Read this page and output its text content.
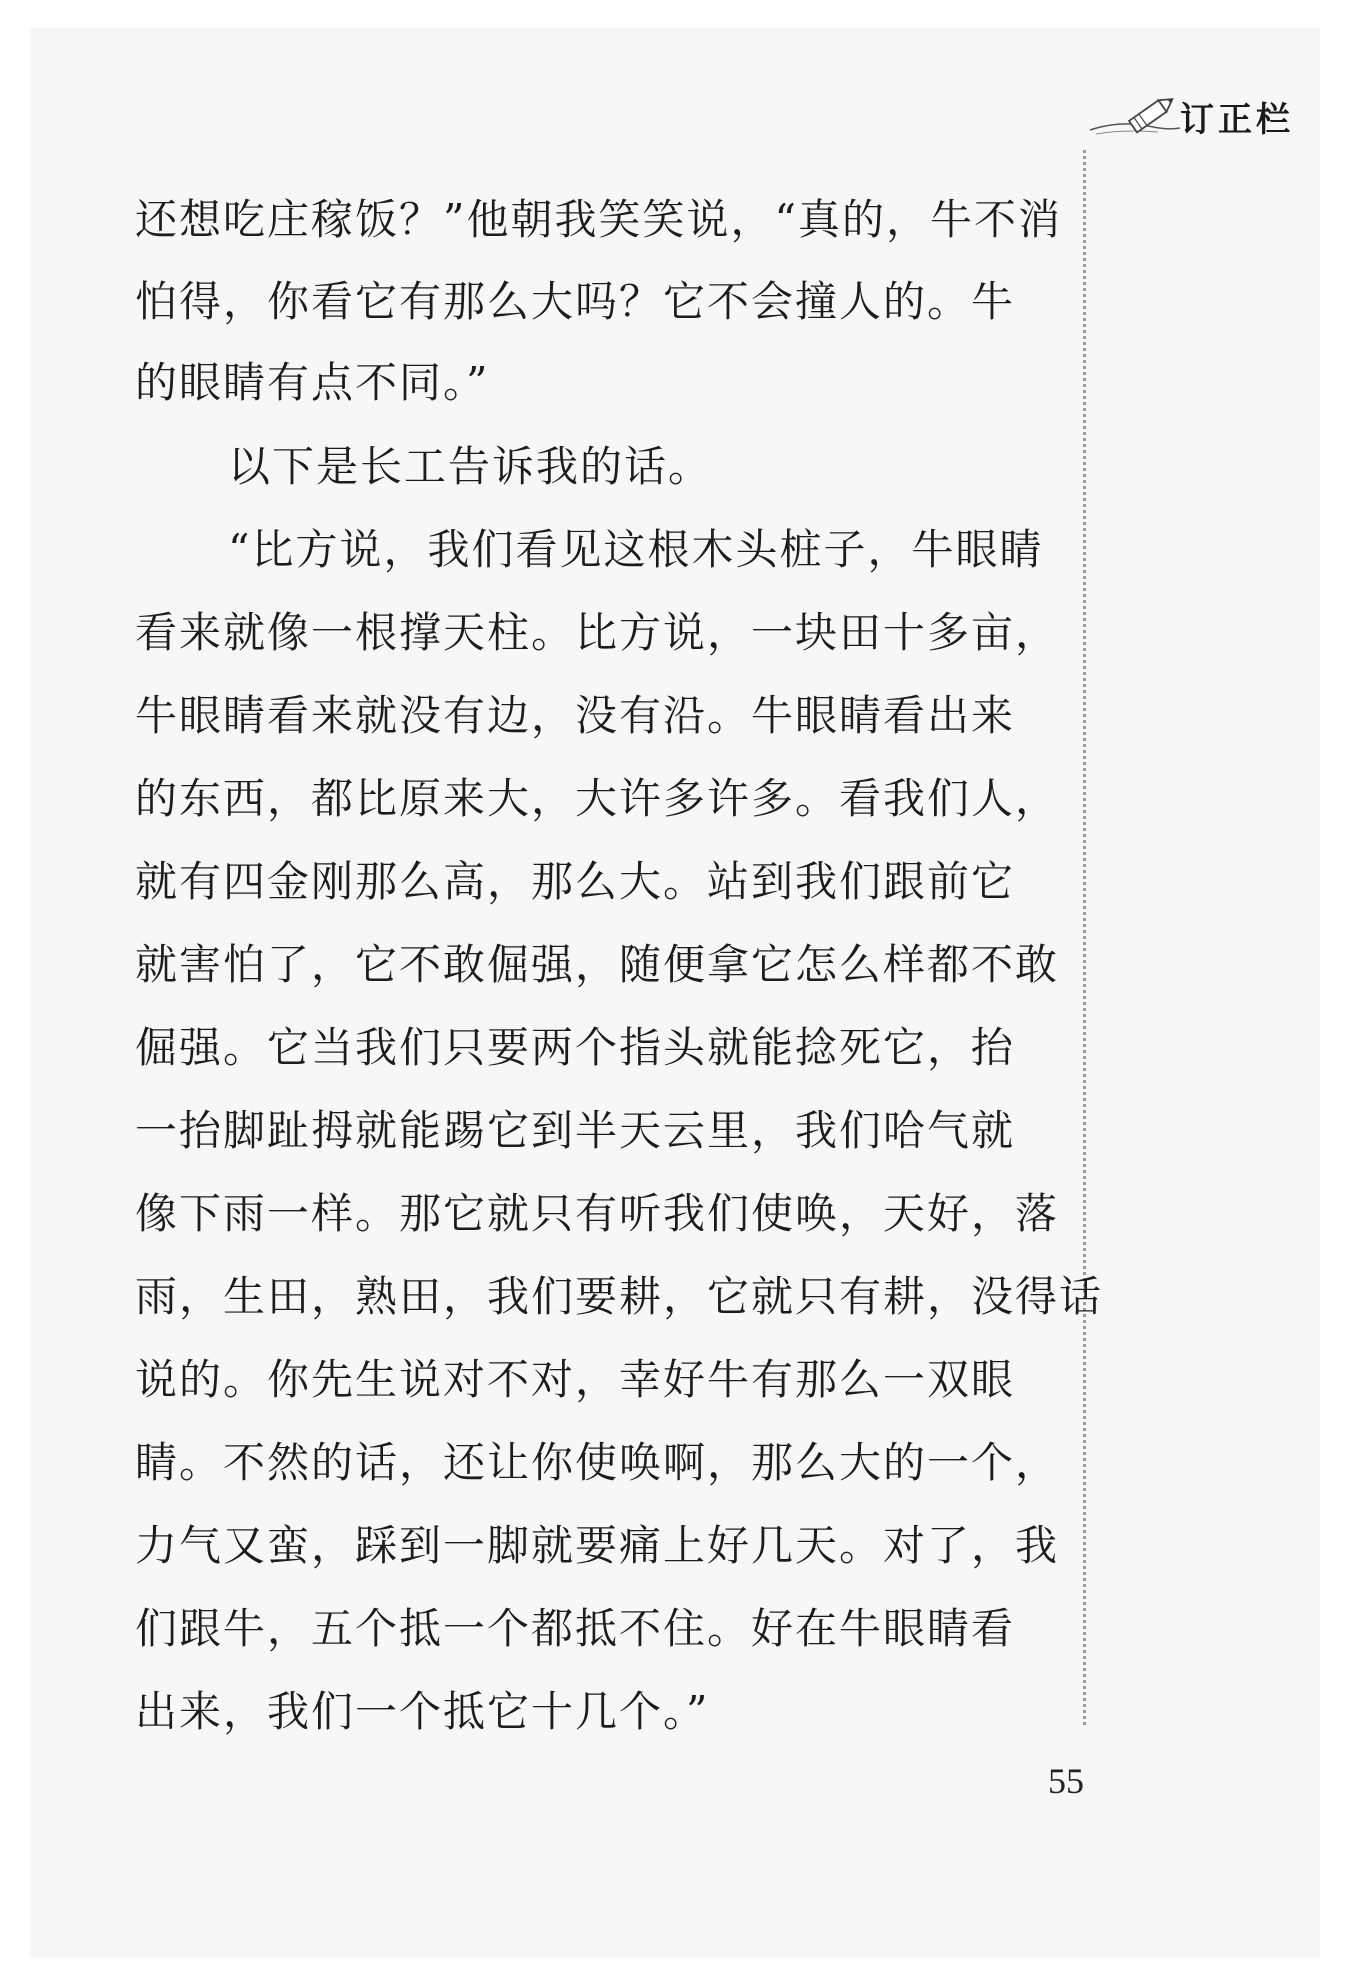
订正栏
还想吃庄稼饭？”他朝我笑笑说，“真的，牛不消
怕得，你看它有那么大吗？它不会撞人的。牛
的眼睛有点不同。”
以下是长工告诉我的话。
“比方说，我们看见这根木头桩子，牛眼睛
看来就像一根撑天柱。比方说，一块田十多亩，
牛眼睛看来就没有边，没有沿。牛眼睛看出来
的东西，都比原来大，大许多许多。看我们人，
就有四金刚那么高，那么大。站到我们跟前它
就害怕了，它不敢倔强，随便拿它怎么样都不敢
倔强。它当我们只要两个指头就能捻死它，抬
一抬脚趾拇就能踢它到半天云里，我们哈气就
像下雨一样。那它就只有听我们使唤，天好，落
雨，生田，熟田，我们要耕，它就只有耕，没得话
说的。你先生说对不对，幸好牛有那么一双眼
睛。不然的话，还让你使唤啊，那么大的一个，
力气又蛮，踩到一脚就要痛上好几天。对了，我
们跟牛，五个抵一个都抵不住。好在牛眼睛看
出来，我们一个抵它十几个。”
55
